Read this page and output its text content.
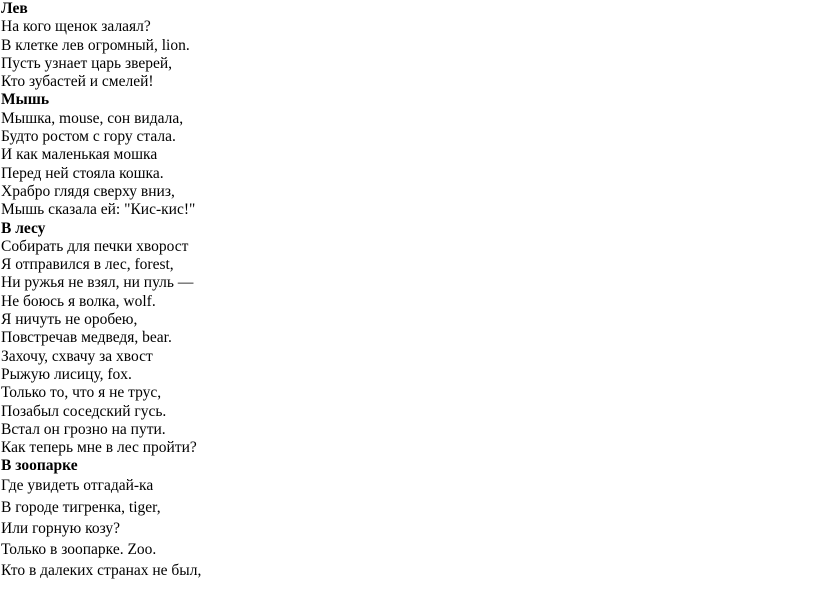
Лев

На кого щенок залаял?

В клетке лев огромный, lion.

Пусть узнает царь зверей,

Кто зубастей и смелей!

Мышь

Мышка, mouse, сон видала,

Будто ростом с гору стала.

И как маленькая мошка

Перед ней стояла кошка.

Храбро глядя сверху вниз,

Мышь сказала ей: "Кис-кис!"

В лесу

Собирать для печки хворост

Я отправился в лес, forest,

Ни ружья не взял, ни пуль —

Не боюсь я волка, wolf.

Я ничуть не оробею,

Повстречав медведя, bear.

Захочу, схвачу за хвост

Рыжую лисицу, fox.

Только то, что я не трус,

Позабыл соседский гусь.

Встал он грозно на пути.

Как теперь мне в лес пройти?

В зоопарке

Где увидеть отгадай-ка

В городе тигренка, tiger,

Или горную козу?

Только в зоопарке. Zoo.

Кто в далеких странах не был,
